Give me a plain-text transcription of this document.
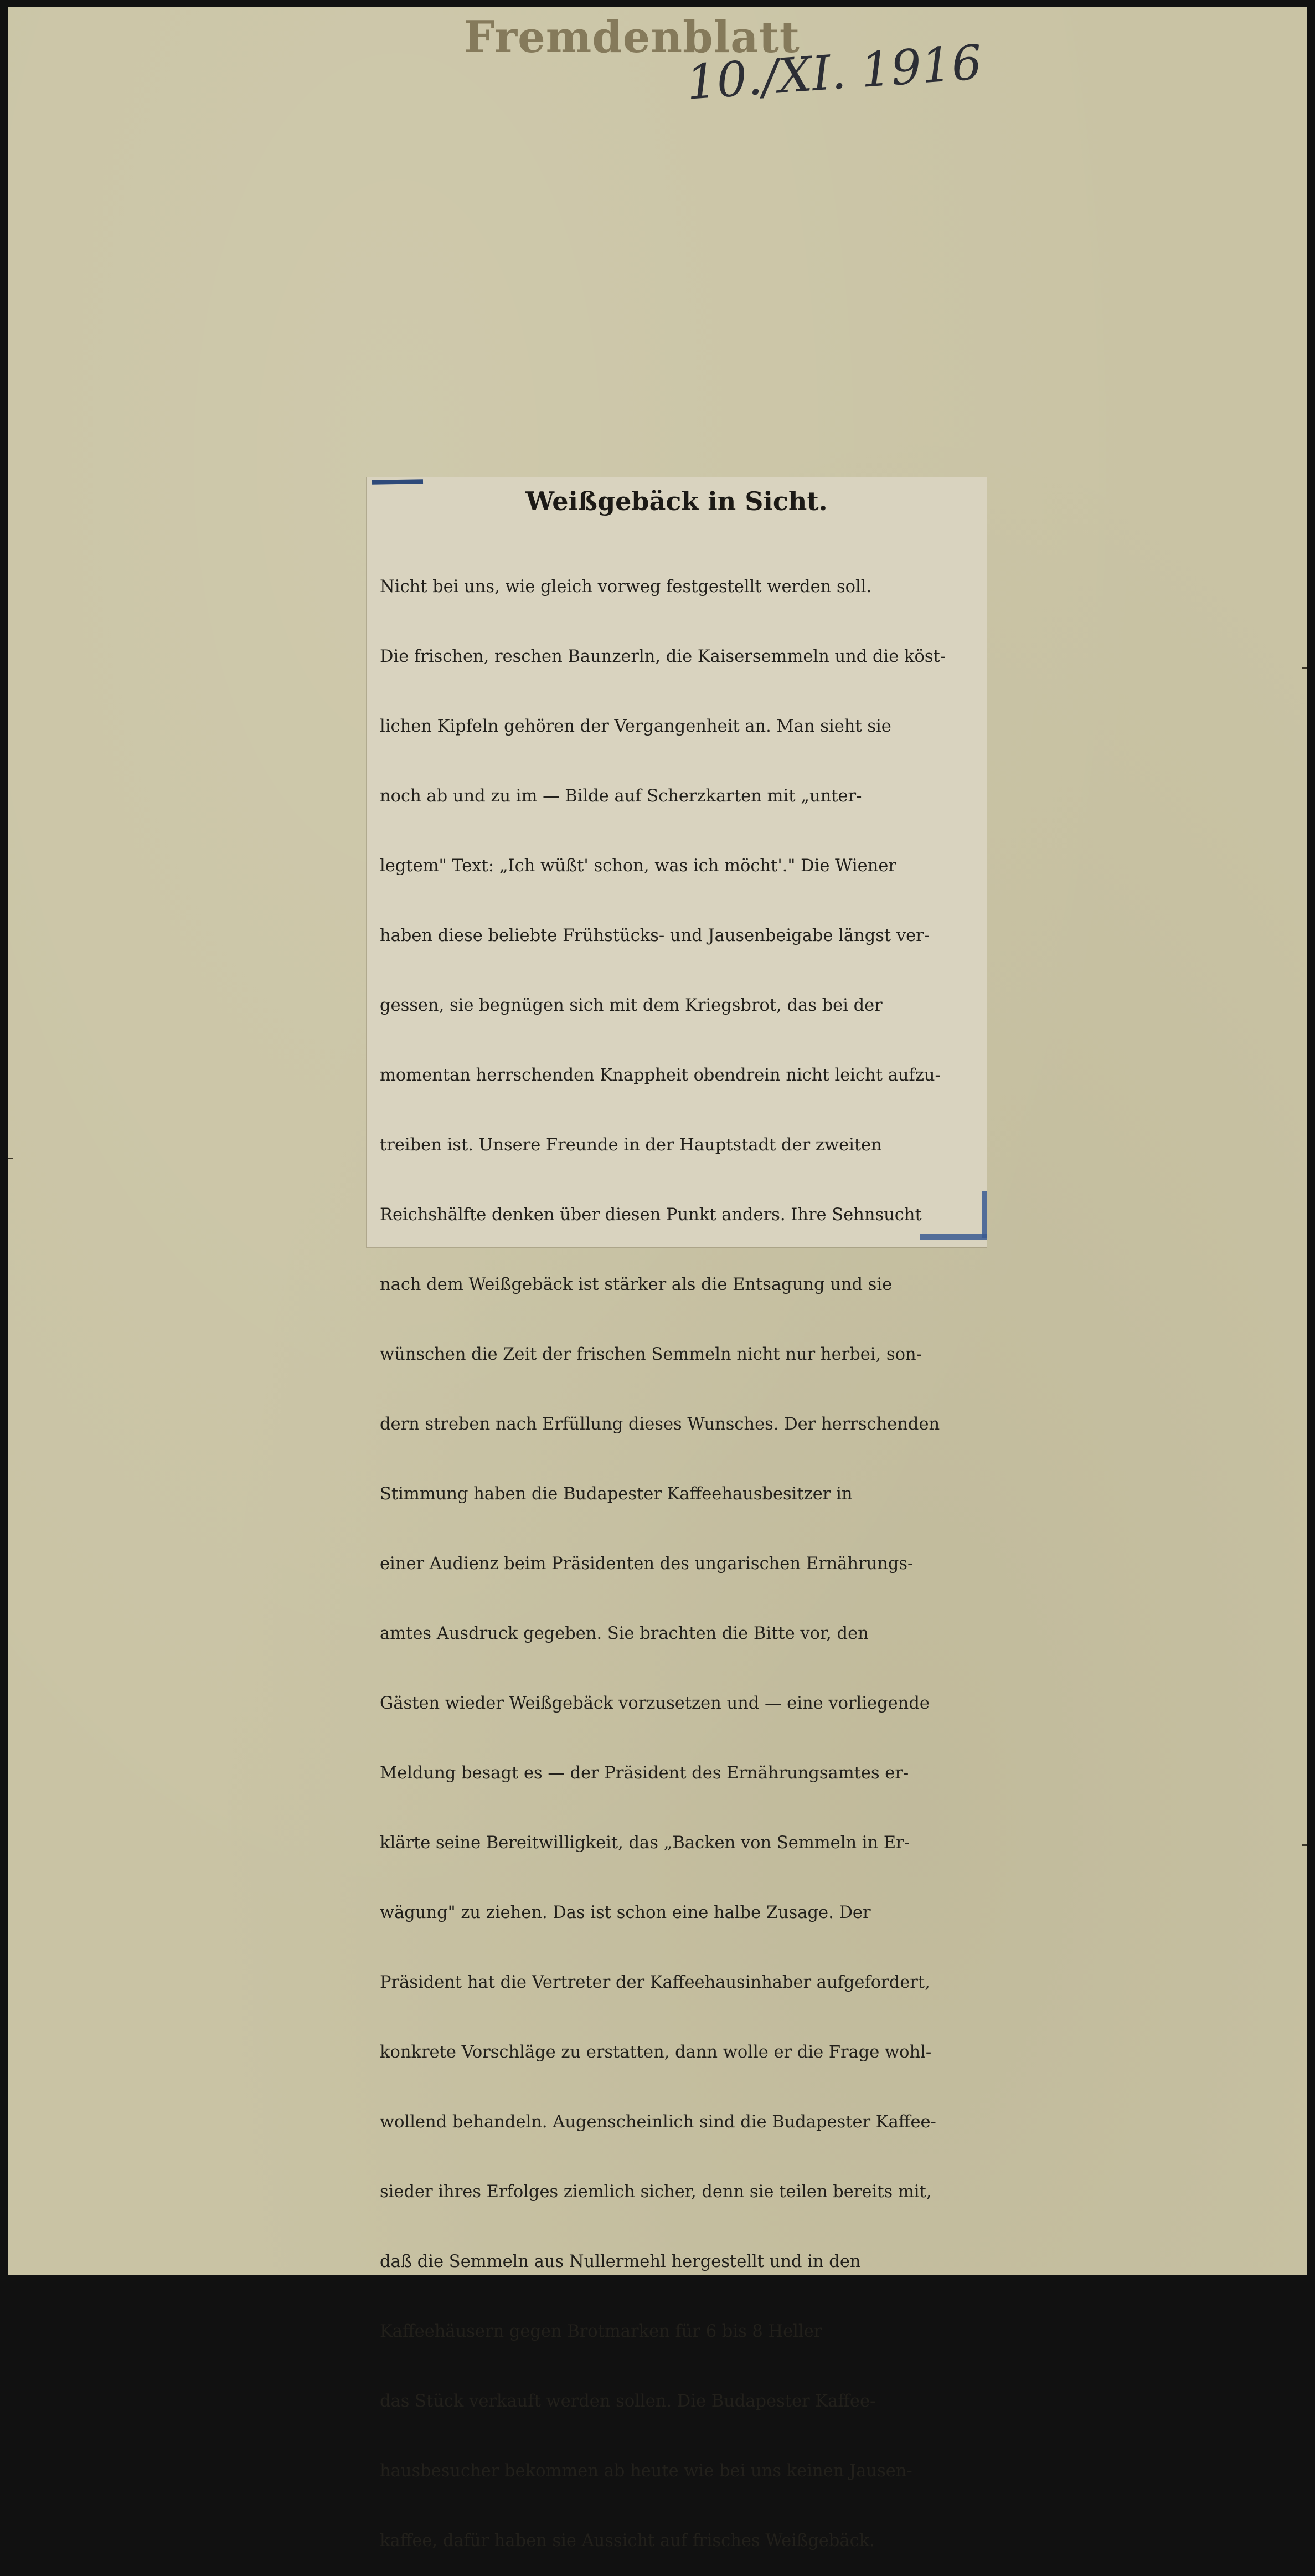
Fremdenblatt
10./XI. 1916
Weißgebäck in Sicht.

Nicht bei uns, wie gleich vorweg festgestellt werden soll.

Die frischen, reschen Baunzerln, die Kaisersemmeln und die köst-

lichen Kipfeln gehören der Vergangenheit an. Man sieht sie

noch ab und zu im — Bilde auf Scherzkarten mit „unter-

legtem" Text: „Ich wüßt' schon, was ich möcht'." Die Wiener

haben diese beliebte Frühstücks- und Jausenbeigabe längst ver-

gessen, sie begnügen sich mit dem Kriegsbrot, das bei der

momentan herrschenden Knappheit obendrein nicht leicht aufzu-

treiben ist. Unsere Freunde in der Hauptstadt der zweiten

Reichshälfte denken über diesen Punkt anders. Ihre Sehnsucht

nach dem Weißgebäck ist stärker als die Entsagung und sie

wünschen die Zeit der frischen Semmeln nicht nur herbei, son-

dern streben nach Erfüllung dieses Wunsches. Der herrschenden

Stimmung haben die Budapester Kaffeehausbesitzer in

einer Audienz beim Präsidenten des ungarischen Ernährungs-

amtes Ausdruck gegeben. Sie brachten die Bitte vor, den

Gästen wieder Weißgebäck vorzusetzen und — eine vorliegende

Meldung besagt es — der Präsident des Ernährungsamtes er-

klärte seine Bereitwilligkeit, das „Backen von Semmeln in Er-

wägung" zu ziehen. Das ist schon eine halbe Zusage. Der

Präsident hat die Vertreter der Kaffeehausinhaber aufgefordert,

konkrete Vorschläge zu erstatten, dann wolle er die Frage wohl-

wollend behandeln. Augenscheinlich sind die Budapester Kaffee-

sieder ihres Erfolges ziemlich sicher, denn sie teilen bereits mit,

daß die Semmeln aus Nullermehl hergestellt und in den

Kaffeehäusern gegen Brotmarken für 6 bis 8 Heller

das Stück verkauft werden sollen. Die Budapester Kaffee-

hausbesucher bekommen ab heute wie bei uns keinen Jausen-

kaffee, dafür haben sie Aussicht auf frisches Weißgebäck.
